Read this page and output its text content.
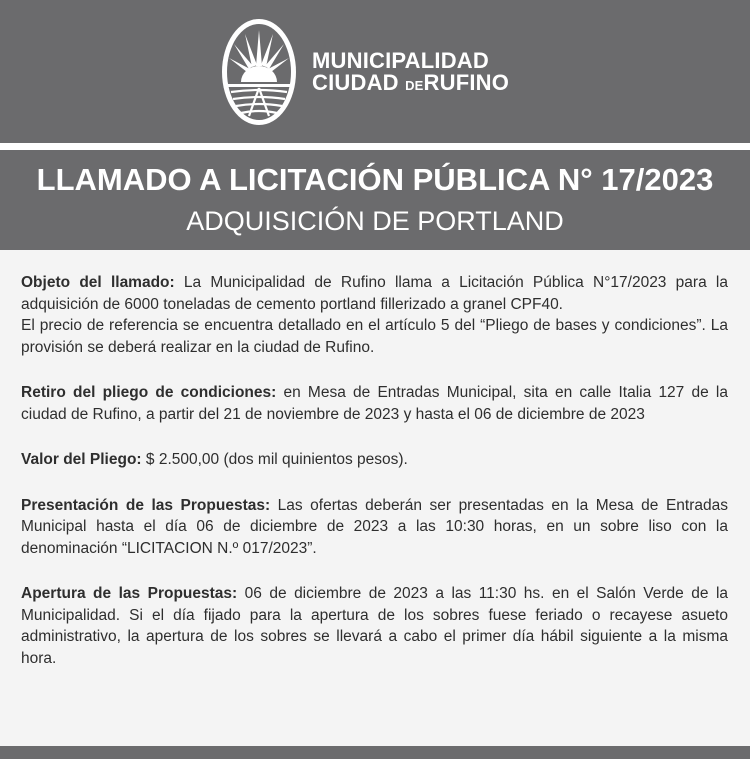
MUNICIPALIDAD
CIUDAD DERUFINO
LLAMADO A LICITACIÓN PÚBLICA N° 17/2023
ADQUISICIÓN DE PORTLAND

Objeto del llamado: La Municipalidad de Rufino llama a Licitación Pública N°17/2023 para la adquisición de 6000 toneladas de cemento portland fillerizado a granel CPF40.
El precio de referencia se encuentra detallado en el artículo 5 del “Pliego de bases y condiciones”. La provisión se deberá realizar en la ciudad de Rufino.

Retiro del pliego de condiciones: en Mesa de Entradas Municipal, sita en calle Italia 127 de la ciudad de Rufino, a partir del 21 de noviembre de 2023 y hasta el 06 de diciembre de 2023

Valor del Pliego: $ 2.500,00 (dos mil quinientos pesos).

Presentación de las Propuestas: Las ofertas deberán ser presentadas en la Mesa de Entradas Municipal hasta el día 06 de diciembre de 2023 a las 10:30 horas, en un sobre liso con la denominación “LICITACION N.º 017/2023”.

Apertura de las Propuestas: 06 de diciembre de 2023 a las 11:30 hs. en el Salón Verde de la Municipalidad. Si el día fijado para la apertura de los sobres fuese feriado o recayese asueto administrativo, la apertura de los sobres se llevará a cabo el primer día hábil siguiente a la misma hora.
